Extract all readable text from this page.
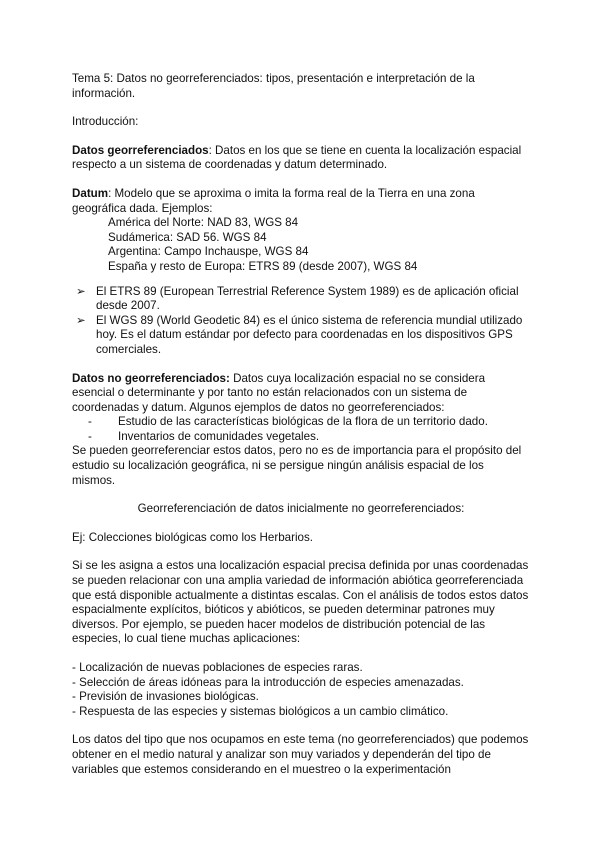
Tema 5: Datos no georreferenciados: tipos, presentación e interpretación de la información.

Introducción:

Datos georreferenciados: Datos en los que se tiene en cuenta la localización espacial respecto a un sistema de coordenadas y datum determinado.

Datum: Modelo que se aproxima o imita la forma real de la Tierra en una zona geográfica dada. Ejemplos:

América del Norte: NAD 83, WGS 84
Sudámerica: SAD 56. WGS 84
Argentina: Campo Inchauspe, WGS 84
España y resto de Europa: ETRS 89 (desde 2007), WGS 84
➢ El ETRS 89 (European Terrestrial Reference System 1989) es de aplicación oficial desde 2007.
➢ El WGS 89 (World Geodetic 84) es el único sistema de referencia mundial utilizado hoy. Es el datum estándar por defecto para coordenadas en los dispositivos GPS comerciales.

Datos no georreferenciados: Datos cuya localización espacial no se considera esencial o determinante y por tanto no están relacionados con un sistema de coordenadas y datum. Algunos ejemplos de datos no georreferenciados:

-	Estudio de las características biológicas de la flora de un territorio dado.
-	Inventarios de comunidades vegetales.

Se pueden georreferenciar estos datos, pero no es de importancia para el propósito del estudio su localización geográfica, ni se persigue ningún análisis espacial de los mismos.

Georreferenciación de datos inicialmente no georreferenciados:

Ej: Colecciones biológicas como los Herbarios.

Si se les asigna a estos una localización espacial precisa definida por unas coordenadas se pueden relacionar con una amplia variedad de información abiótica georreferenciada que está disponible actualmente a distintas escalas. Con el análisis de todos estos datos espacialmente explícitos, bióticos y abióticos, se pueden determinar patrones muy diversos. Por ejemplo, se pueden hacer modelos de distribución potencial de las especies, lo cual tiene muchas aplicaciones:

- Localización de nuevas poblaciones de especies raras.
- Selección de áreas idóneas para la introducción de especies amenazadas.
- Previsión de invasiones biológicas.
- Respuesta de las especies y sistemas biológicos a un cambio climático.

Los datos del tipo que nos ocupamos en este tema (no georreferenciados) que podemos obtener en el medio natural y analizar son muy variados y dependerán del tipo de variables que estemos considerando en el muestreo o la experimentación
